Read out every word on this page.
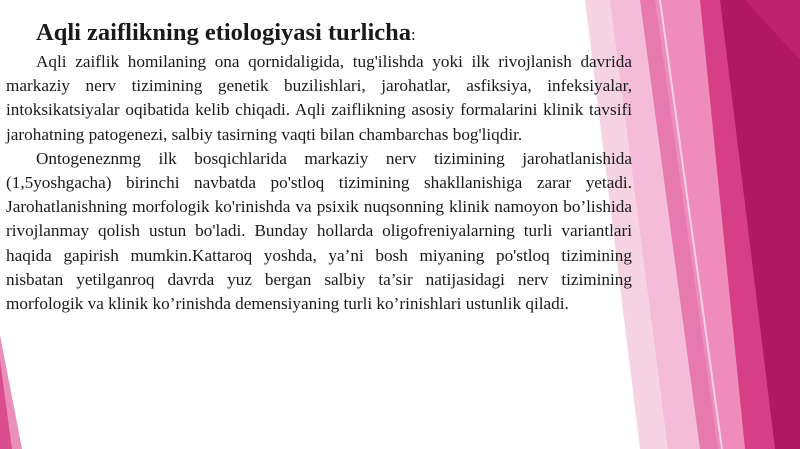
Aqli zaiflikning etiologiyasi turlicha:

Aqli zaiflik homilaning ona qornidaligida, tug'ilishda yoki ilk rivojlanish davrida markaziy nerv tizimining genetik buzilishlari, jarohatlar, asfiksiya, infeksiyalar, intoksikatsiyalar oqibatida kelib chiqadi. Aqli zaiflikning asosiy formalarini klinik tavsifi jarohatning patogenezi, salbiy tasirning vaqti bilan chambarchas bog'liqdir.

Ontogeneznmg ilk bosqichlarida markaziy nerv tizimining jarohatlanishida (1,5yoshgacha) birinchi navbatda po'stloq tizimining shakllanishiga zarar yetadi. Jarohatlanishning morfologik ko'rinishda va psixik nuqsonning klinik namoyon bo’lishida rivojlanmay qolish ustun bo'ladi. Bunday hollarda oligofreniyalarning turli variantlari haqida gapirish mumkin.Kattaroq yoshda, ya’ni bosh miyaning po'stloq tizimining nisbatan yetilganroq davrda yuz bergan salbiy ta’sir natijasidagi nerv tizimining morfologik va klinik ko’rinishda demensiyaning turli ko’rinishlari ustunlik qiladi.
